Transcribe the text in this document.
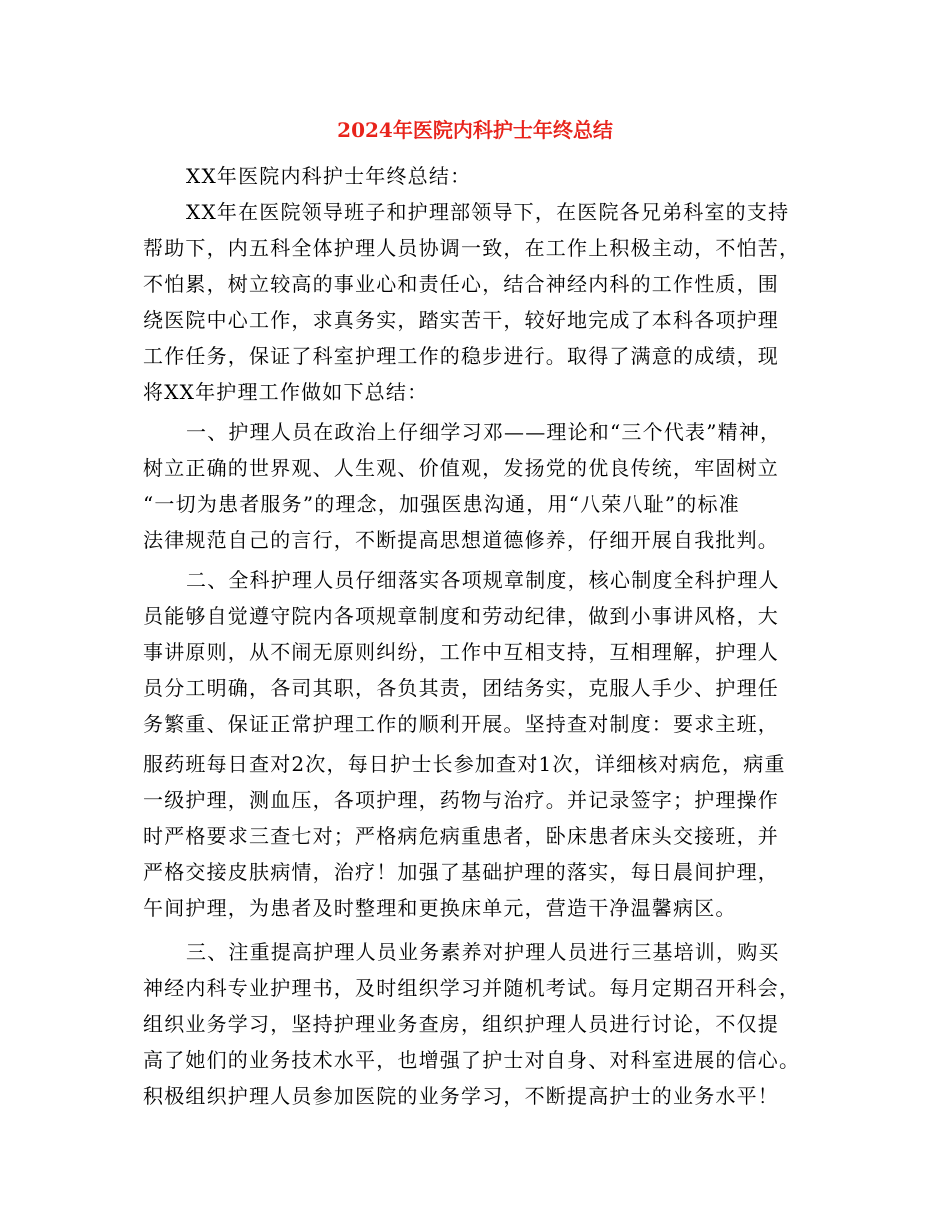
2024年医院内科护士年终总结
XX年医院内科护士年终总结：
XX年在医院领导班子和护理部领导下，在医院各兄弟科室的支持
帮助下，内五科全体护理人员协调一致，在工作上积极主动，不怕苦，
不怕累，树立较高的事业心和责任心，结合神经内科的工作性质，围
绕医院中心工作，求真务实，踏实苦干，较好地完成了本科各项护理
工作任务，保证了科室护理工作的稳步进行。取得了满意的成绩，现
将XX年护理工作做如下总结：
一、护理人员在政治上仔细学习邓——理论和“三个代表”精神，
树立正确的世界观、人生观、价值观，发扬党的优良传统，牢固树立
“一切为患者服务”的理念，加强医患沟通，用“八荣八耻”的标准
法律规范自己的言行，不断提高思想道德修养，仔细开展自我批判。
二、全科护理人员仔细落实各项规章制度，核心制度全科护理人
员能够自觉遵守院内各项规章制度和劳动纪律，做到小事讲风格，大
事讲原则，从不闹无原则纠纷，工作中互相支持，互相理解，护理人
员分工明确，各司其职，各负其责，团结务实，克服人手少、护理任
务繁重、保证正常护理工作的顺利开展。坚持查对制度：要求主班，
服药班每日查对2次，每日护士长参加查对1次，详细核对病危，病重
一级护理，测血压，各项护理，药物与治疗。并记录签字；护理操作
时严格要求三查七对；严格病危病重患者，卧床患者床头交接班，并
严格交接皮肤病情，治疗！加强了基础护理的落实，每日晨间护理，
午间护理，为患者及时整理和更换床单元，营造干净温馨病区。
三、注重提高护理人员业务素养对护理人员进行三基培训，购买
神经内科专业护理书，及时组织学习并随机考试。每月定期召开科会，
组织业务学习，坚持护理业务查房，组织护理人员进行讨论，不仅提
高了她们的业务技术水平，也增强了护士对自身、对科室进展的信心。
积极组织护理人员参加医院的业务学习，不断提高护士的业务水平！
